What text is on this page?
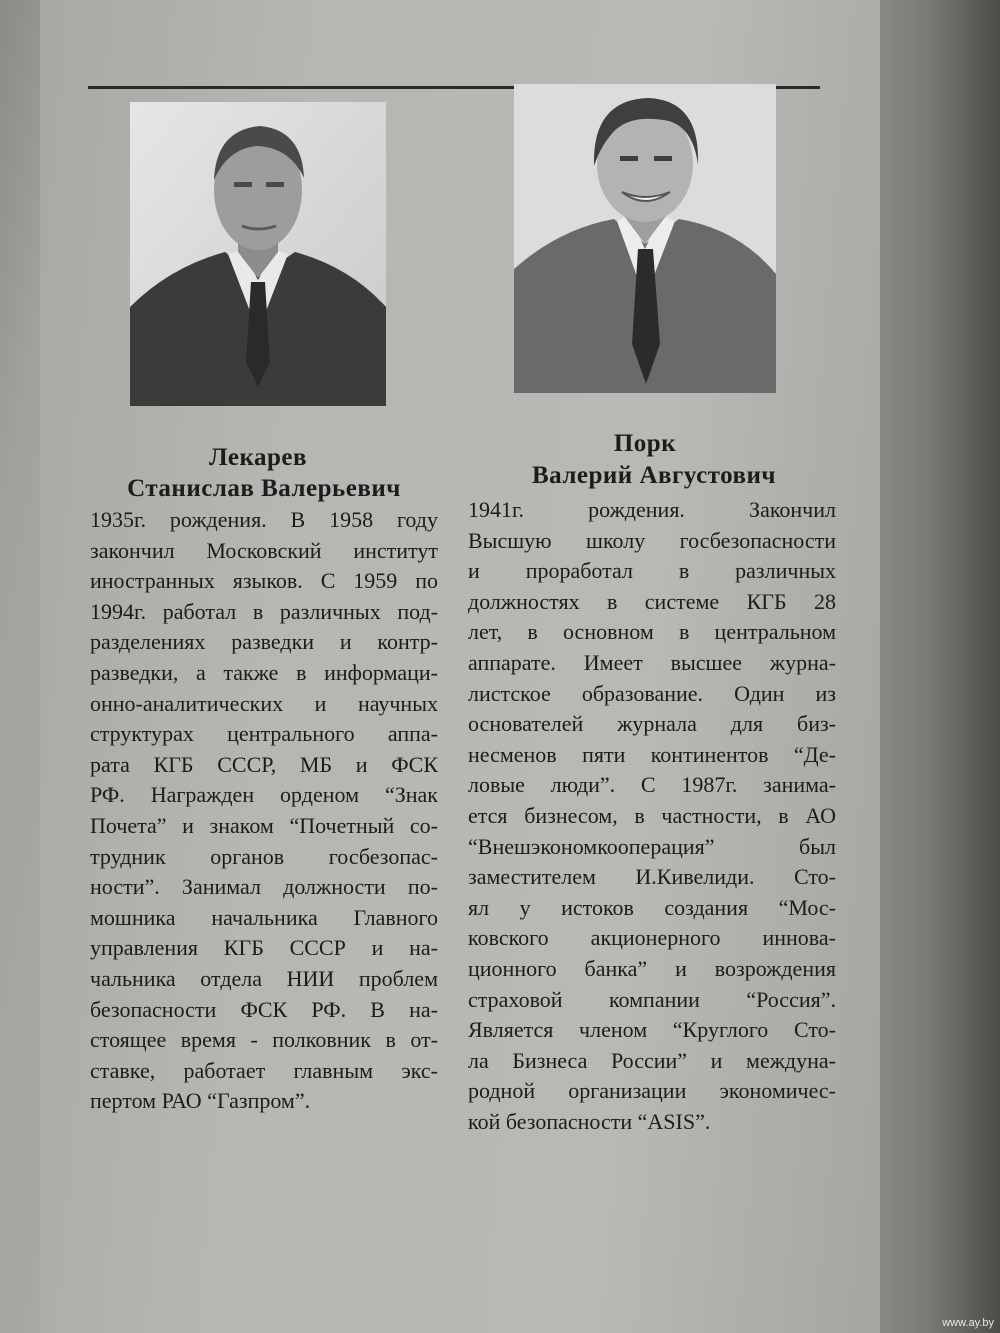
Лекарев
Станислав Валерьевич
Порк
Валерий Августович
1935г. рождения. В 1958 году
закончил Московский институт
иностранных языков. С 1959 по
1994г. работал в различных под-
разделениях разведки и контр-
разведки, а также в информаци-
онно-аналитических и научных
структурах центрального аппа-
рата КГБ СССР, МБ и ФСК
РФ. Награжден орденом “Знак
Почета” и знаком “Почетный со-
трудник органов госбезопас-
ности”. Занимал должности по-
мошника начальника Главного
управления КГБ СССР и на-
чальника отдела НИИ проблем
безопасности ФСК РФ. В на-
стоящее время - полковник в от-
ставке, работает главным экс-
пертом РАО “Газпром”.
1941г. рождения. Закончил
Высшую школу госбезопасности
и проработал в различных
должностях в системе КГБ 28
лет, в основном в центральном
аппарате. Имеет высшее журна-
листское образование. Один из
основателей журнала для биз-
несменов пяти континентов “Де-
ловые люди”. С 1987г. занима-
ется бизнесом, в частности, в АО
“Внешэкономкооперация” был
заместителем И.Кивелиди. Сто-
ял у истоков создания “Мос-
ковского акционерного иннова-
ционного банка” и возрождения
страховой компании “Россия”.
Является членом “Круглого Сто-
ла Бизнеса России” и междуна-
родной организации экономичес-
кой безопасности “ASIS”.
www.ay.by
